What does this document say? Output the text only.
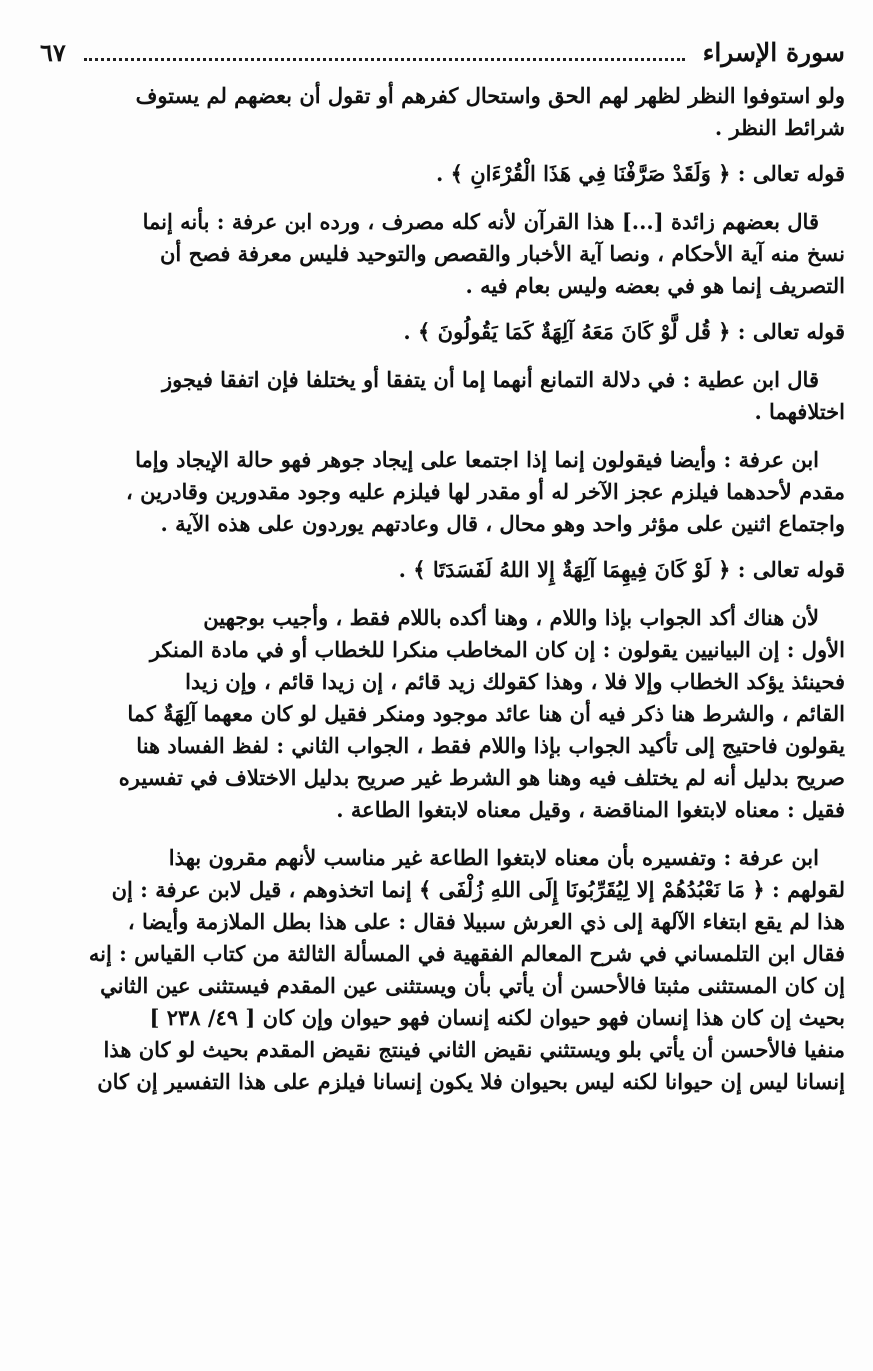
سورة الإسراء
٦٧
ولو استوفوا النظر لظهر لهم الحق واستحال كفرهم أو تقول أن بعضهم لم يستوف
شرائط النظر .
قوله تعالى : ﴿ وَلَقَدْ صَرَّفْنَا فِي هَذَا الْقُرْءَانِ ﴾ .
قال بعضهم زائدة [...] هذا القرآن لأنه كله مصرف ، ورده ابن عرفة : بأنه إنما
نسخ منه آية الأحكام ، ونصا آية الأخبار والقصص والتوحيد فليس معرفة فصح أن
التصريف إنما هو في بعضه وليس بعام فيه .
قوله تعالى : ﴿ قُل لَّوْ كَانَ مَعَهُ آلِهَةٌ كَمَا يَقُولُونَ ﴾ .
قال ابن عطية : في دلالة التمانع أنهما إما أن يتفقا أو يختلفا فإن اتفقا فيجوز
اختلافهما .
ابن عرفة : وأيضا فيقولون إنما إذا اجتمعا على إيجاد جوهر فهو حالة الإيجاد وإما
مقدم لأحدهما فيلزم عجز الآخر له أو مقدر لها فيلزم عليه وجود مقدورين وقادرين ،
واجتماع اثنين على مؤثر واحد وهو محال ، قال وعادتهم يوردون على هذه الآية .
قوله تعالى : ﴿ لَوْ كَانَ فِيهِمَا آلِهَةٌ إِلا اللهُ لَفَسَدَتَا ﴾ .
لأن هناك أكد الجواب بإذا واللام ، وهنا أكده باللام فقط ، وأجيب بوجهين
الأول : إن البيانيين يقولون : إن كان المخاطب منكرا للخطاب أو في مادة المنكر
فحينئذ يؤكد الخطاب وإلا فلا ، وهذا كقولك زيد قائم ، إن زيدا قائم ، وإن زيدا
القائم ، والشرط هنا ذكر فيه أن هنا عائد موجود ومنكر فقيل لو كان معهما آلِهَةٌ كما
يقولون فاحتيج إلى تأكيد الجواب بإذا واللام فقط ، الجواب الثاني : لفظ الفساد هنا
صريح بدليل أنه لم يختلف فيه وهنا هو الشرط غير صريح بدليل الاختلاف في تفسيره
فقيل : معناه لابتغوا المناقضة ، وقيل معناه لابتغوا الطاعة .
ابن عرفة : وتفسيره بأن معناه لابتغوا الطاعة غير مناسب لأنهم مقرون بهذا
لقولهم : ﴿ مَا نَعْبُدُهُمْ إلا لِيُقَرِّبُونَا إِلَى اللهِ زُلْفَى ﴾ إنما اتخذوهم ، قيل لابن عرفة : إن
هذا لم يقع ابتغاء الآلهة إلى ذي العرش سبيلا فقال : على هذا بطل الملازمة وأيضا ،
فقال ابن التلمساني في شرح المعالم الفقهية في المسألة الثالثة من كتاب القياس : إنه
إن كان المستثنى مثبتا فالأحسن أن يأتي بأن ويستثنى عين المقدم فيستثنى عين الثاني
بحيث إن كان هذا إنسان فهو حيوان لكنه إنسان فهو حيوان وإن كان [ ٤٩/ ٢٣٨ ]
منفيا فالأحسن أن يأتي بلو ويستثني نقيض الثاني فينتج نقيض المقدم بحيث لو كان هذا
إنسانا ليس إن حيوانا لكنه ليس بحيوان فلا يكون إنسانا فيلزم على هذا التفسير إن كان
